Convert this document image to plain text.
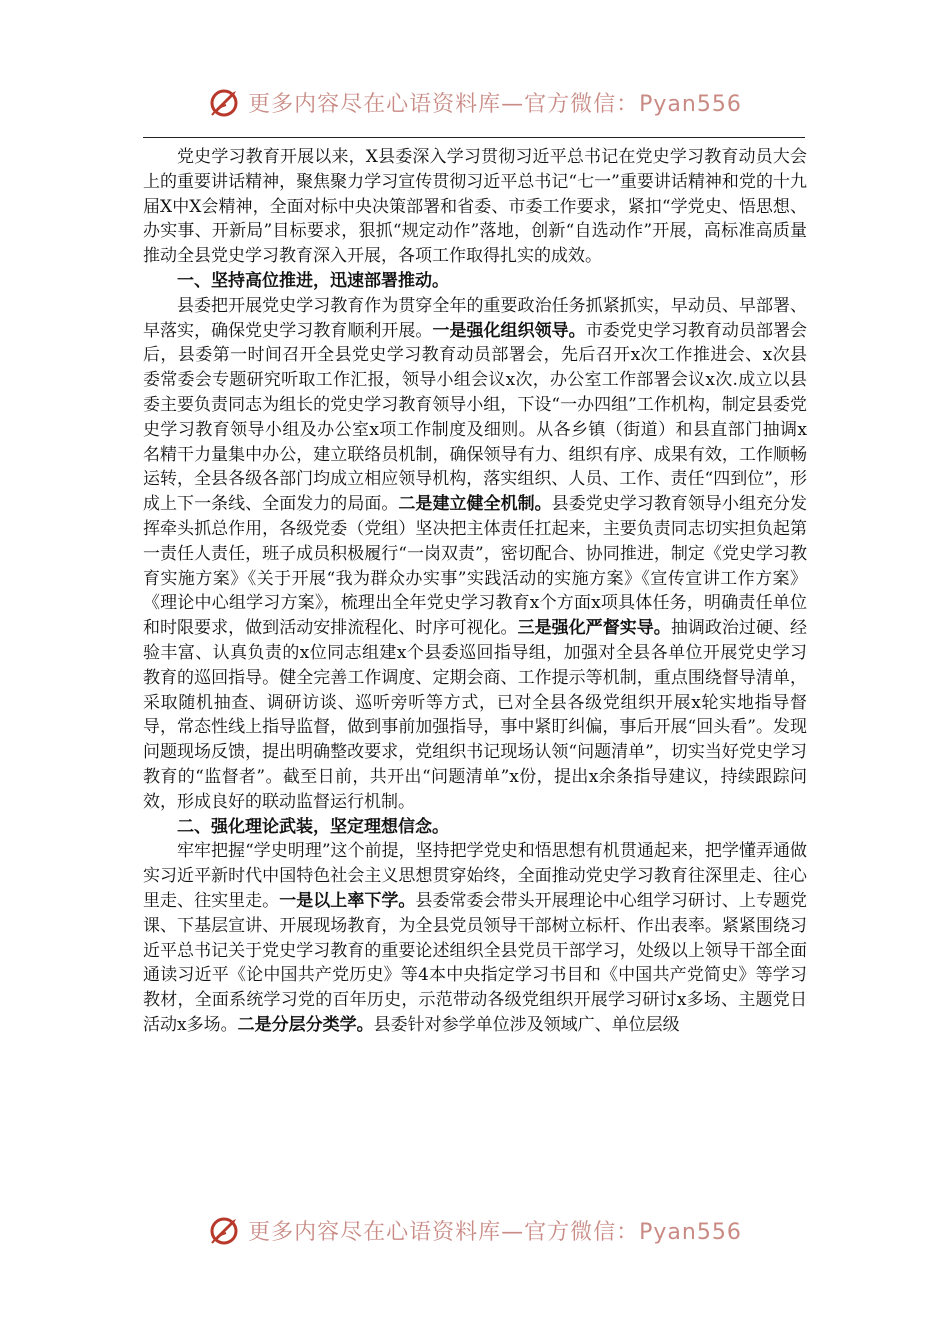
更多内容尽在心语资料库—官方微信：Pyan556

党史学习教育开展以来，X县委深入学习贯彻习近平总书记在党史学习教育动员大会上的重要讲话精神，聚焦聚力学习宣传贯彻习近平总书记“七一”重要讲话精神和党的十九届X中X会精神，全面对标中央决策部署和省委、市委工作要求，紧扣“学党史、悟思想、办实事、开新局”目标要求，狠抓“规定动作”落地，创新“自选动作”开展，高标准高质量推动全县党史学习教育深入开展，各项工作取得扎实的成效。

一、坚持高位推进，迅速部署推动。

县委把开展党史学习教育作为贯穿全年的重要政治任务抓紧抓实，早动员、早部署、早落实，确保党史学习教育顺利开展。一是强化组织领导。市委党史学习教育动员部署会后，县委第一时间召开全县党史学习教育动员部署会，先后召开x次工作推进会、x次县委常委会专题研究听取工作汇报，领导小组会议x次，办公室工作部署会议x次.成立以县委主要负责同志为组长的党史学习教育领导小组，下设“一办四组”工作机构，制定县委党史学习教育领导小组及办公室x项工作制度及细则。从各乡镇（街道）和县直部门抽调x名精干力量集中办公，建立联络员机制，确保领导有力、组织有序、成果有效，工作顺畅运转，全县各级各部门均成立相应领导机构，落实组织、人员、工作、责任“四到位”，形成上下一条线、全面发力的局面。二是建立健全机制。县委党史学习教育领导小组充分发挥牵头抓总作用，各级党委（党组）坚决把主体责任扛起来，主要负责同志切实担负起第一责任人责任，班子成员积极履行“一岗双责”，密切配合、协同推进，制定《党史学习教育实施方案》《关于开展“我为群众办实事”实践活动的实施方案》《宣传宣讲工作方案》《理论中心组学习方案》，梳理出全年党史学习教育x个方面x项具体任务，明确责任单位和时限要求，做到活动安排流程化、时序可视化。三是强化严督实导。抽调政治过硬、经验丰富、认真负责的x位同志组建x个县委巡回指导组，加强对全县各单位开展党史学习教育的巡回指导。健全完善工作调度、定期会商、工作提示等机制，重点围绕督导清单，采取随机抽查、调研访谈、巡听旁听等方式，已对全县各级党组织开展x轮实地指导督导，常态性线上指导监督，做到事前加强指导，事中紧盯纠偏，事后开展“回头看”。发现问题现场反馈，提出明确整改要求，党组织书记现场认领“问题清单”，切实当好党史学习教育的“监督者”。截至日前，共开出“问题清单”x份，提出x余条指导建议，持续跟踪问效，形成良好的联动监督运行机制。

二、强化理论武装，坚定理想信念。

牢牢把握“学史明理”这个前提，坚持把学党史和悟思想有机贯通起来，把学懂弄通做实习近平新时代中国特色社会主义思想贯穿始终，全面推动党史学习教育往深里走、往心里走、往实里走。一是以上率下学。县委常委会带头开展理论中心组学习研讨、上专题党课、下基层宣讲、开展现场教育，为全县党员领导干部树立标杆、作出表率。紧紧围绕习近平总书记关于党史学习教育的重要论述组织全县党员干部学习，处级以上领导干部全面通读习近平《论中国共产党历史》等4本中央指定学习书目和《中国共产党简史》等学习教材，全面系统学习党的百年历史，示范带动各级党组织开展学习研讨x多场、主题党日活动x多场。二是分层分类学。县委针对参学单位涉及领域广、单位层级

更多内容尽在心语资料库—官方微信：Pyan556
